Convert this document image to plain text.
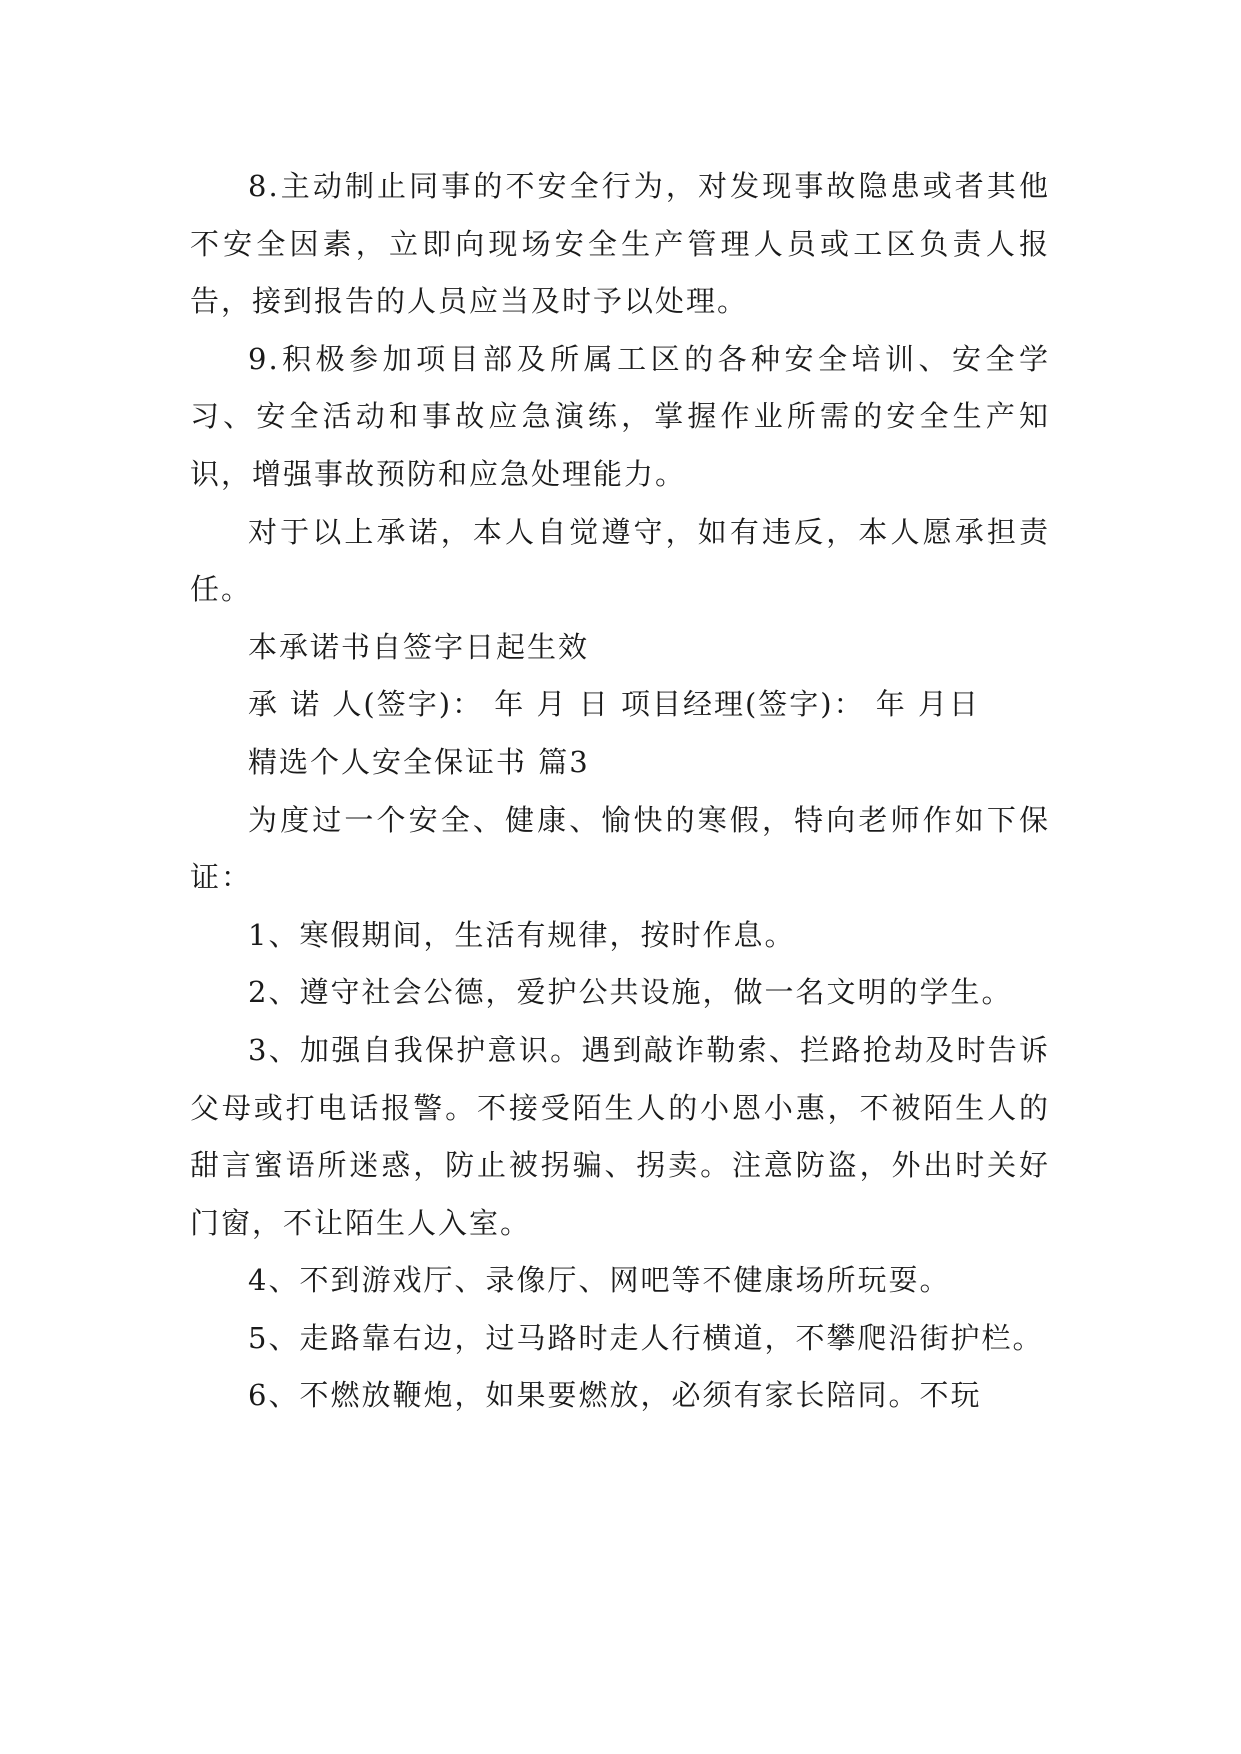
8.主动制止同事的不安全行为，对发现事故隐患或者其他不安全因素，立即向现场安全生产管理人员或工区负责人报告，接到报告的人员应当及时予以处理。

9.积极参加项目部及所属工区的各种安全培训、安全学习、安全活动和事故应急演练，掌握作业所需的安全生产知识，增强事故预防和应急处理能力。

对于以上承诺，本人自觉遵守，如有违反，本人愿承担责任。

本承诺书自签字日起生效

承 诺 人(签字)： 年 月 日 项目经理(签字)： 年 月日

精选个人安全保证书 篇3

为度过一个安全、健康、愉快的寒假，特向老师作如下保证：

1、寒假期间，生活有规律，按时作息。

2、遵守社会公德，爱护公共设施，做一名文明的学生。

3、加强自我保护意识。遇到敲诈勒索、拦路抢劫及时告诉父母或打电话报警。不接受陌生人的小恩小惠，不被陌生人的甜言蜜语所迷惑，防止被拐骗、拐卖。注意防盗，外出时关好门窗，不让陌生人入室。

4、不到游戏厅、录像厅、网吧等不健康场所玩耍。

5、走路靠右边，过马路时走人行横道，不攀爬沿街护栏。

6、不燃放鞭炮，如果要燃放，必须有家长陪同。不玩
